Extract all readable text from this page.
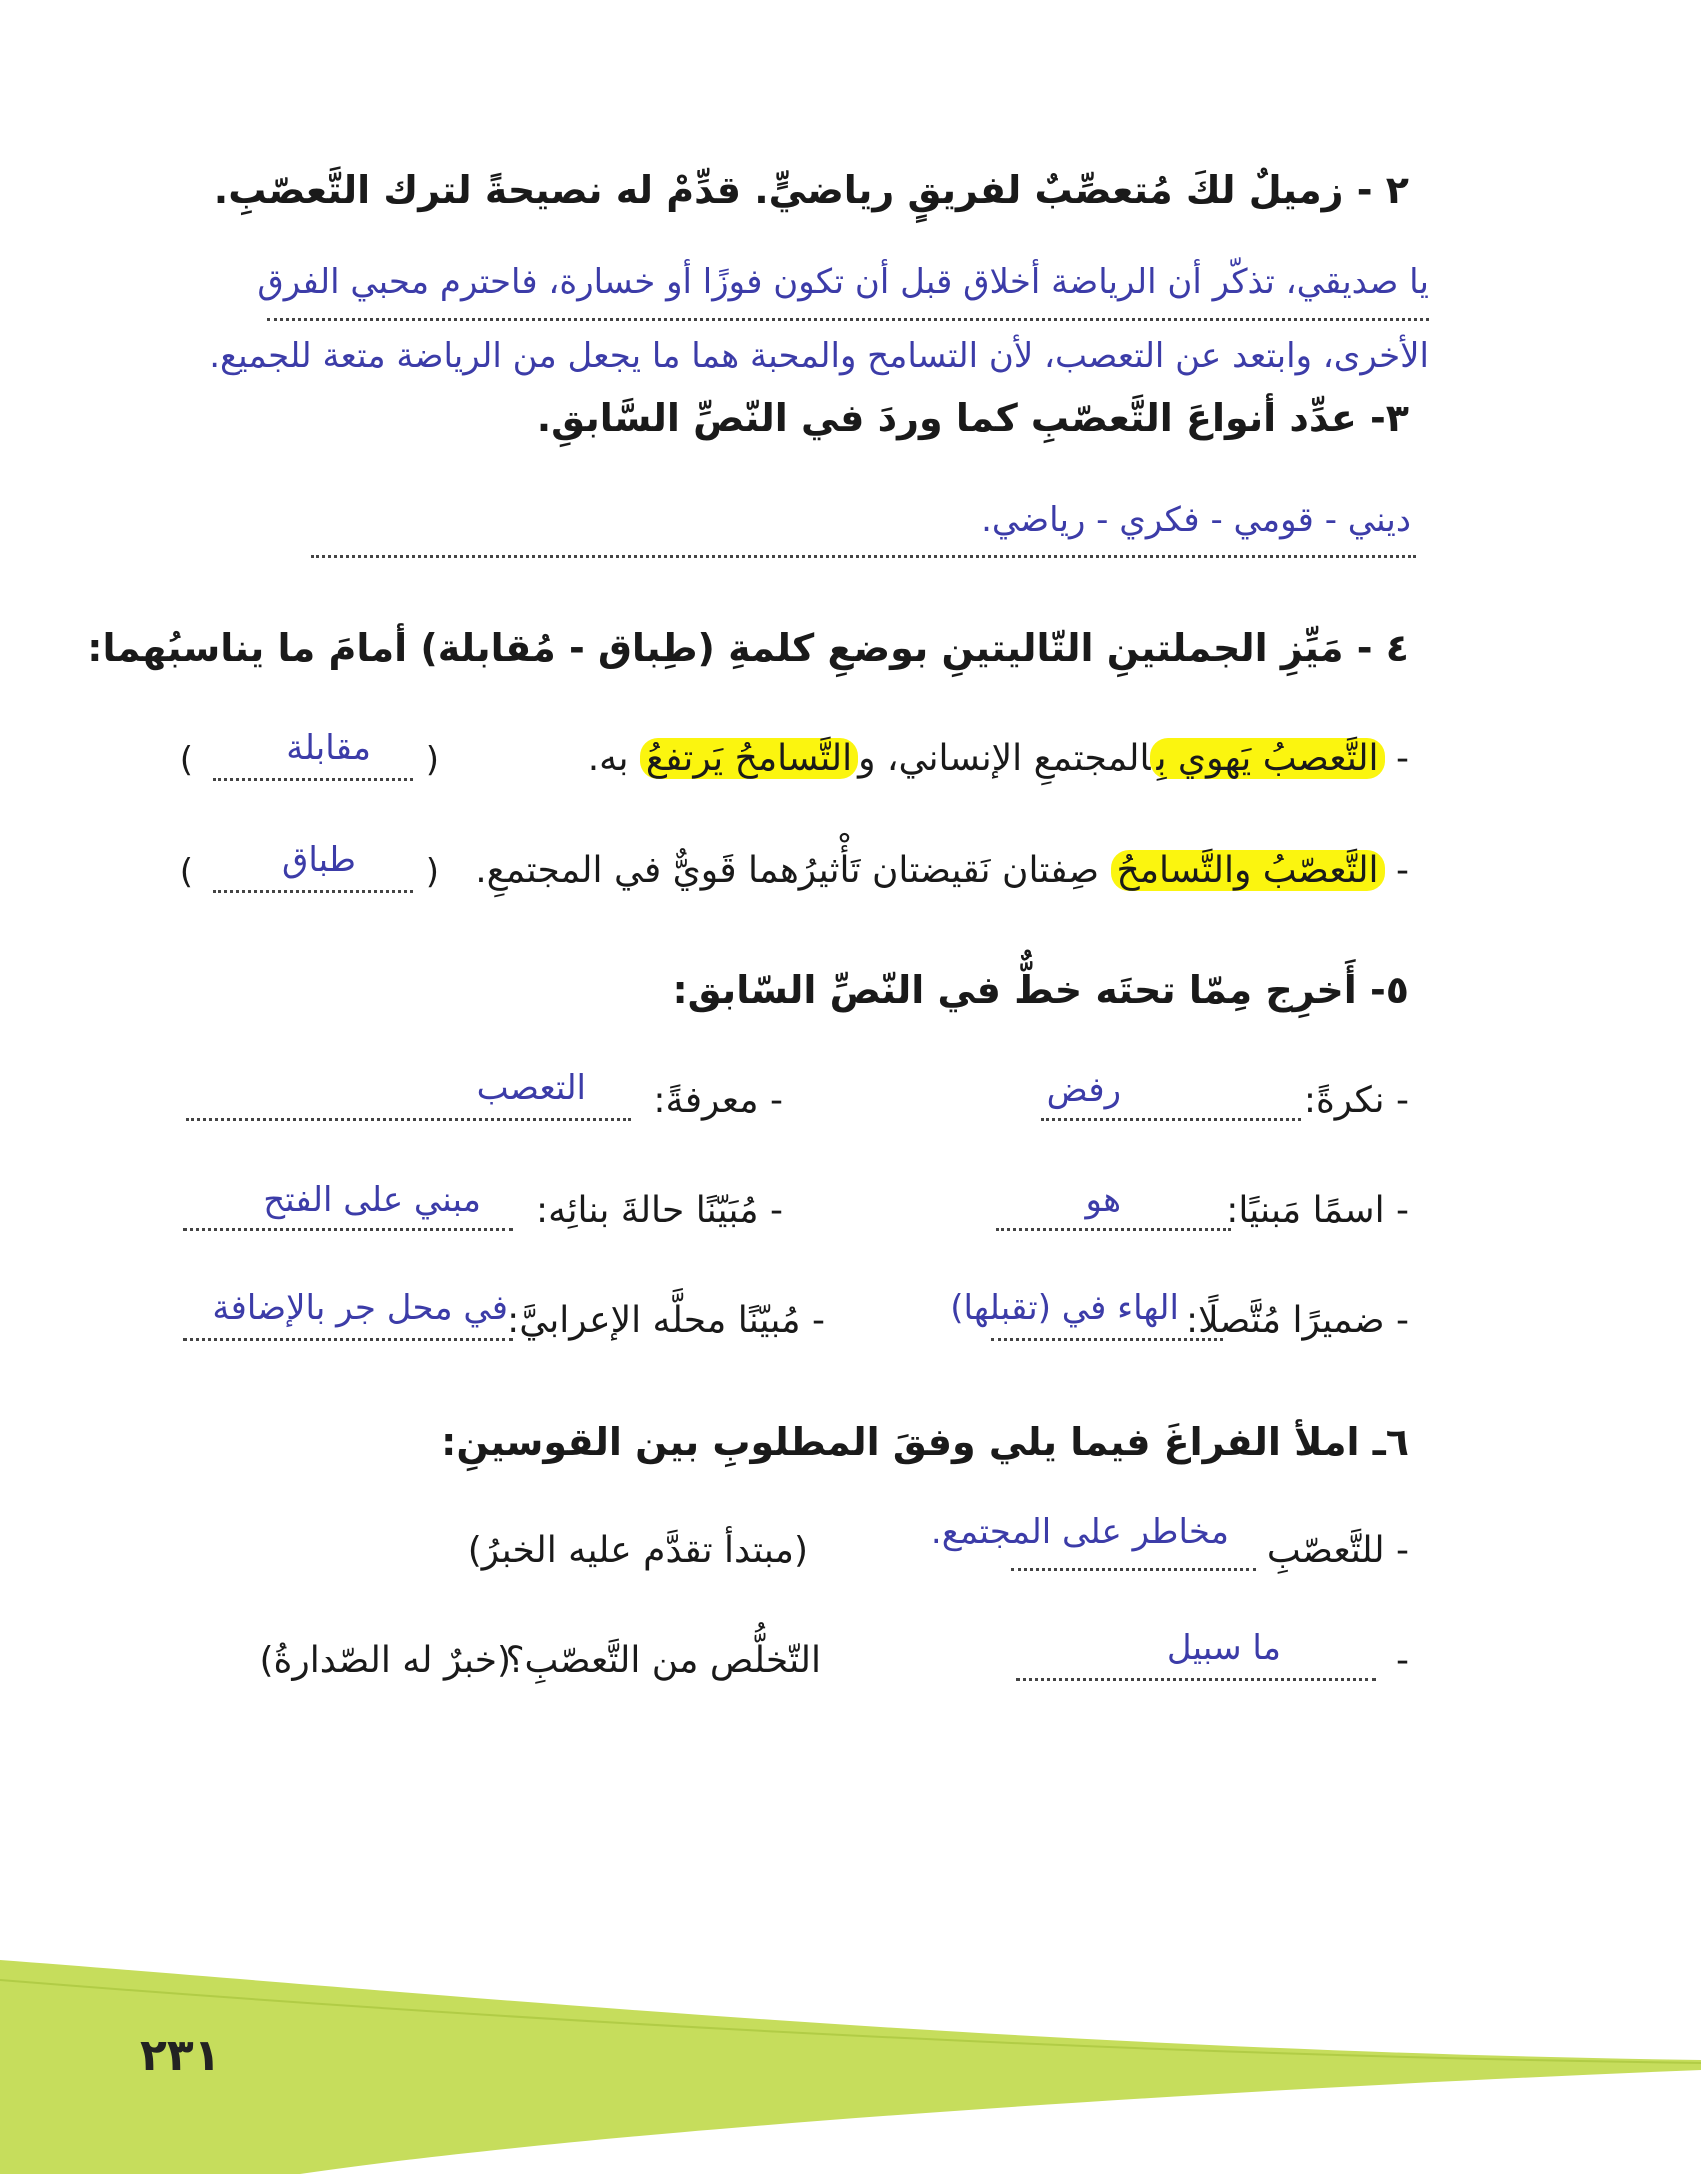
٢ - زميلٌ لكَ مُتعصِّبٌ لفريقٍ رياضيٍّ. قدِّمْ له نصيحةً لترك التَّعصّبِ.
يا صديقي، تذكّر أن الرياضة أخلاق قبل أن تكون فوزًا أو خسارة، فاحترم محبي الفرق
الأخرى، وابتعد عن التعصب، لأن التسامح والمحبة هما ما يجعل من الرياضة متعة للجميع.
٣- عدِّد أنواعَ التَّعصّبِ كما وردَ في النّصِّ السَّابقِ.
ديني - قومي - فكري - رياضي.
٤ - مَيِّزِ الجملتينِ التّاليتينِ بوضعِ كلمةِ (طِباق - مُقابلة) أمامَ ما يناسبُهما:
- التَّعصبُ يَهوي بِالمجتمعِ الإنساني، والتَّسامحُ يَرتفعُ به.
(
)	مقابلة
- التَّعصّبُ والتَّسامحُ صِفتان نَقيضتان تَأْثيرُهما قَويٌّ في المجتمعِ.
(
)	طباق
٥- أَخرِج مِمّا تحتَه خطٌّ في النّصِّ السّابق:
- نكرةً:
رفض
- معرفةً:
التعصب
- اسمًا مَبنيًا:
هو
- مُبَيّنًا حالةَ بنائِه:
مبني على الفتح
- ضميرًا مُتَّصلًا:
الهاء في (تقبلها)
- مُبيّنًا محلَّه الإعرابيَّ:
في محل جر بالإضافة
٦ـ املأ الفراغَ فيما يلي وفقَ المطلوبِ بين القوسينِ:
- للتَّعصّبِ
مخاطر على المجتمع.
(مبتدأ تقدَّم عليه الخبرُ)
-
ما سبيل
التّخلُّص من التَّعصّبِ؟
(خبرٌ له الصّدارةُ)
٢٣١
